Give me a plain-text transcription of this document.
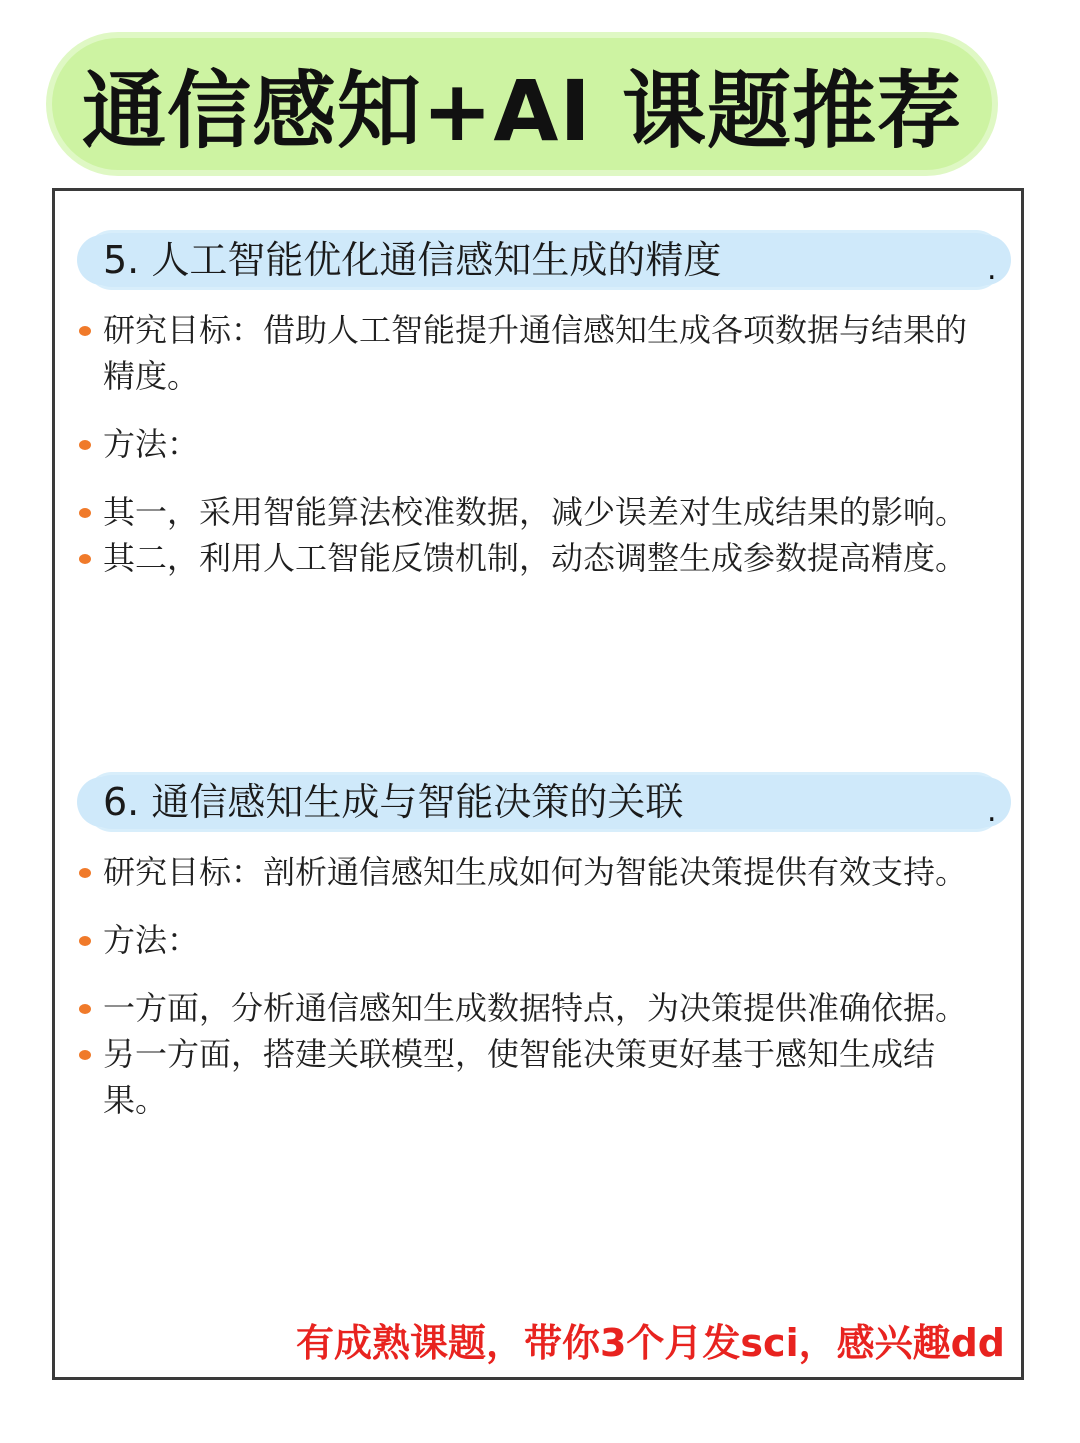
通信感知+AI 课题推荐
5. 人工智能优化通信感知生成的精度	.
研究目标：借助人工智能提升通信感知生成各项数据与结果的精度。
方法：
其一，采用智能算法校准数据，减少误差对生成结果的影响。
其二，利用人工智能反馈机制，动态调整生成参数提高精度。
6. 通信感知生成与智能决策的关联	.
研究目标：剖析通信感知生成如何为智能决策提供有效支持。
方法：
一方面，分析通信感知生成数据特点，为决策提供准确依据。
另一方面，搭建关联模型，使智能决策更好基于感知生成结果。
有成熟课题，带你3个月发sci，感兴趣dd
